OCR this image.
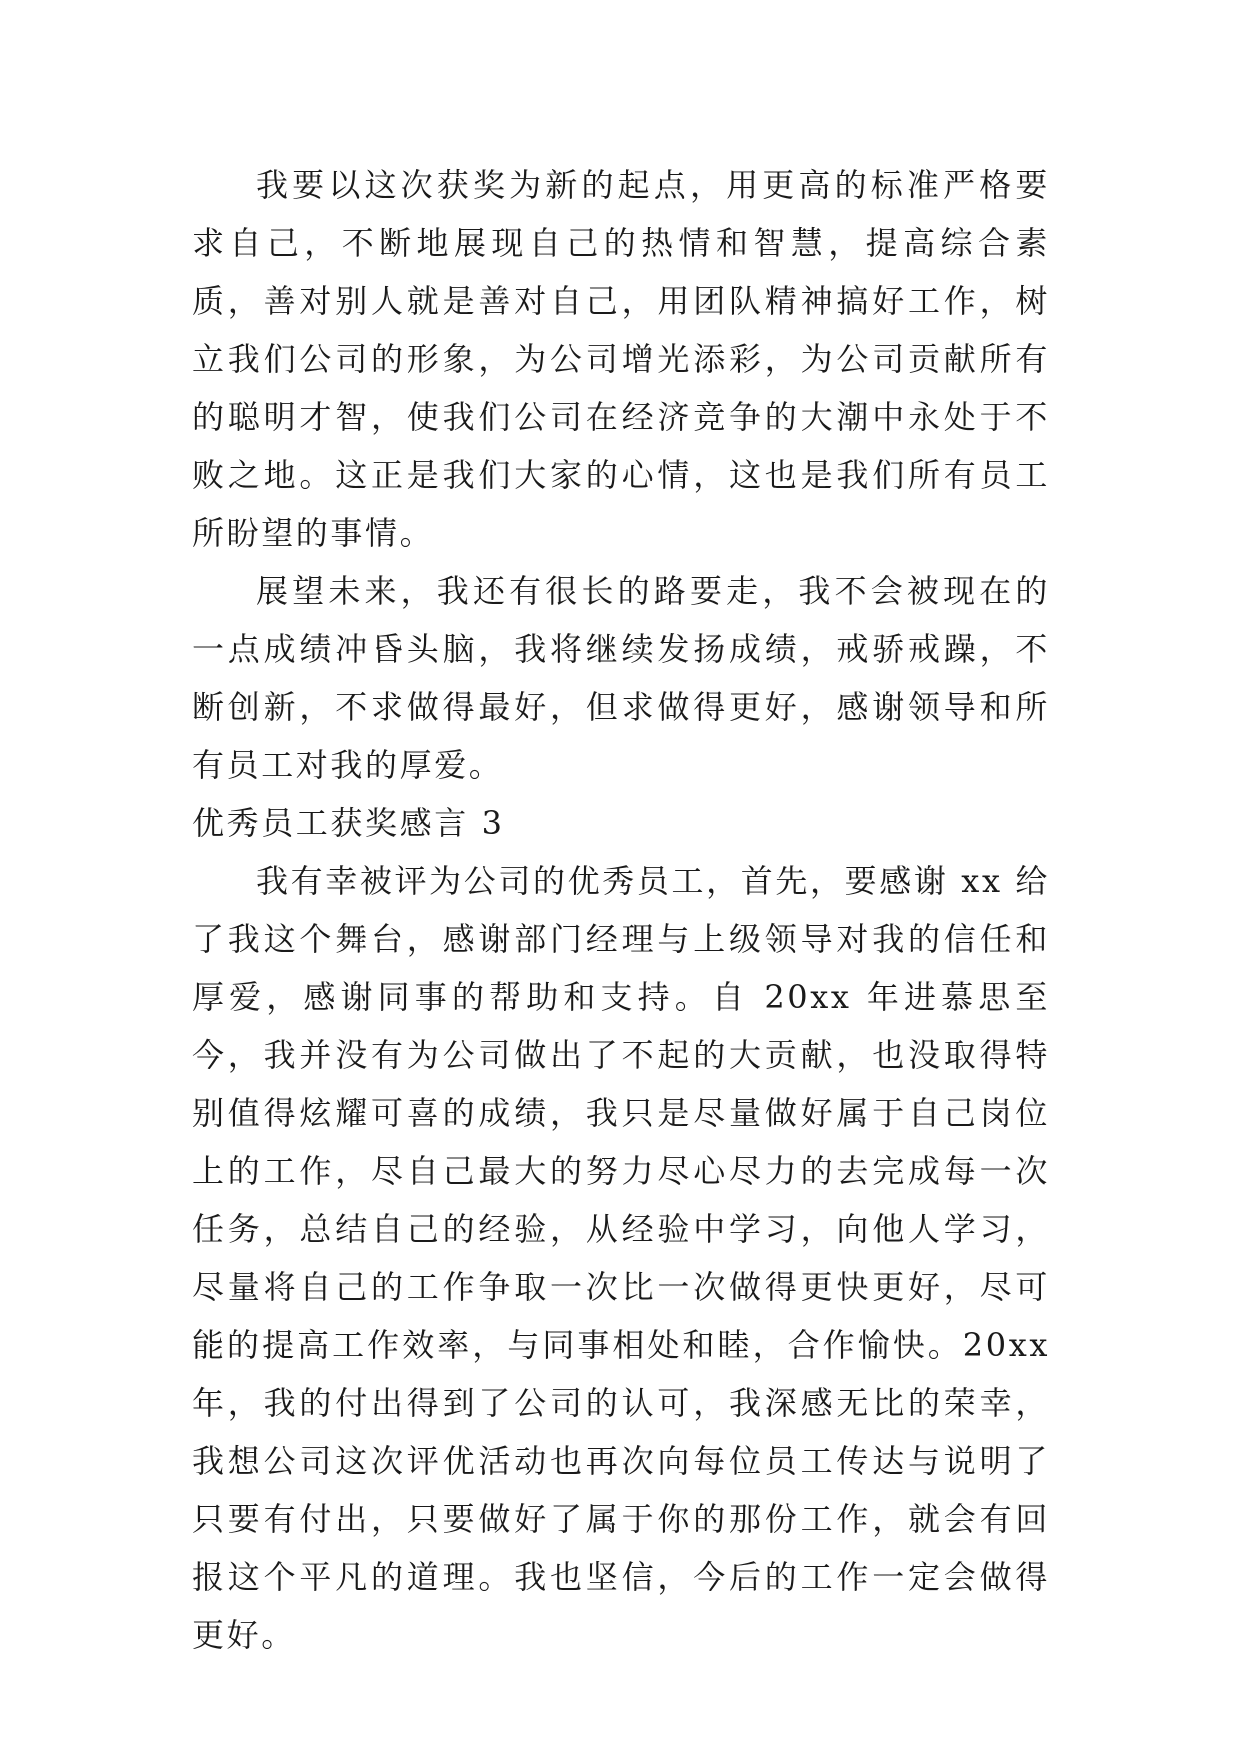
我要以这次获奖为新的起点，用更高的标准严格要求自己，不断地展现自己的热情和智慧，提高综合素质，善对别人就是善对自己，用团队精神搞好工作，树立我们公司的形象，为公司增光添彩，为公司贡献所有的聪明才智，使我们公司在经济竞争的大潮中永处于不败之地。这正是我们大家的心情，这也是我们所有员工所盼望的事情。

展望未来，我还有很长的路要走，我不会被现在的一点成绩冲昏头脑，我将继续发扬成绩，戒骄戒躁，不断创新，不求做得最好，但求做得更好，感谢领导和所有员工对我的厚爱。

优秀员工获奖感言 3

我有幸被评为公司的优秀员工，首先，要感谢 xx 给了我这个舞台，感谢部门经理与上级领导对我的信任和厚爱，感谢同事的帮助和支持。自 20xx 年进慕思至今，我并没有为公司做出了不起的大贡献，也没取得特别值得炫耀可喜的成绩，我只是尽量做好属于自己岗位上的工作，尽自己最大的努力尽心尽力的去完成每一次任务，总结自己的经验，从经验中学习，向他人学习，尽量将自己的工作争取一次比一次做得更快更好，尽可能的提高工作效率，与同事相处和睦，合作愉快。20xx 年，我的付出得到了公司的认可，我深感无比的荣幸，我想公司这次评优活动也再次向每位员工传达与说明了只要有付出，只要做好了属于你的那份工作，就会有回报这个平凡的道理。我也坚信，今后的工作一定会做得更好。
